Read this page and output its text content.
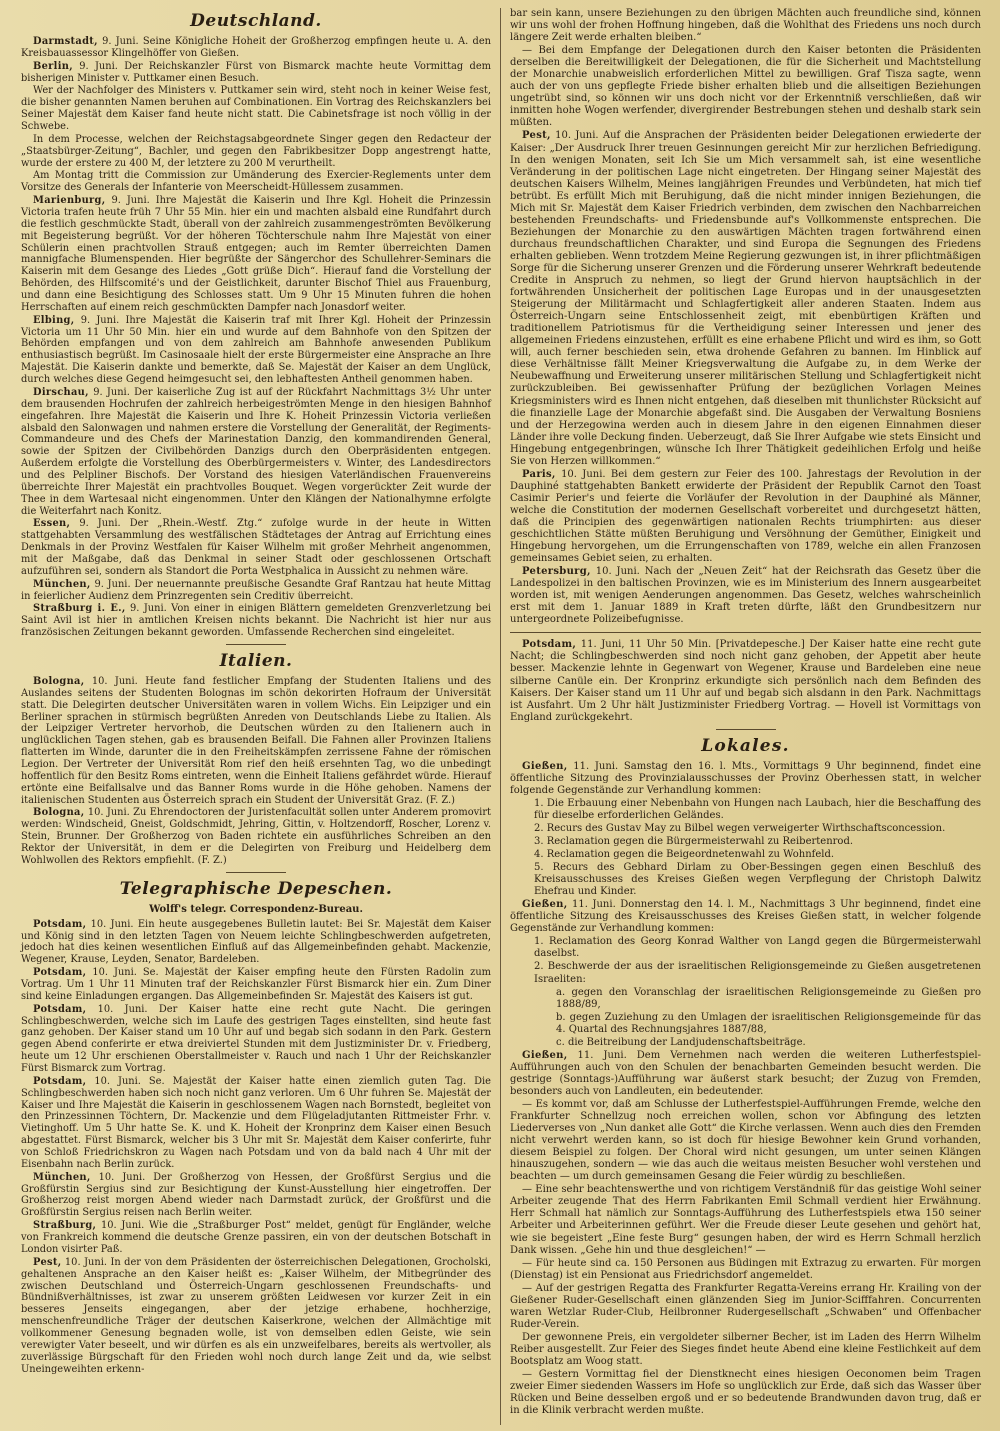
Deutschland.

Darmstadt, 9. Juni. Seine Königliche Hoheit der Großherzog empfingen heute u. A. den Kreisbauassessor Klingelhöffer von Gießen.

Berlin, 9. Juni. Der Reichskanzler Fürst von Bismarck machte heute Vormittag dem bisherigen Minister v. Puttkamer einen Besuch.

Wer der Nachfolger des Ministers v. Puttkamer sein wird, steht noch in keiner Weise fest, die bisher genannten Namen beruhen auf Combinationen. Ein Vortrag des Reichskanzlers bei Seiner Majestät dem Kaiser fand heute nicht statt. Die Cabinetsfrage ist noch völlig in der Schwebe.

In dem Processe, welchen der Reichstagsabgeordnete Singer gegen den Redacteur der „Staatsbürger-Zeitung“, Bachler, und gegen den Fabrikbesitzer Dopp angestrengt hatte, wurde der erstere zu 400 M, der letztere zu 200 M verurtheilt.

Am Montag tritt die Commission zur Umänderung des Exercier-Reglements unter dem Vorsitze des Generals der Infanterie von Meerscheidt-Hüllessem zusammen.

Marienburg, 9. Juni. Ihre Majestät die Kaiserin und Ihre Kgl. Hoheit die Prinzessin Victoria trafen heute früh 7 Uhr 55 Min. hier ein und machten alsbald eine Rundfahrt durch die festlich geschmückte Stadt, überall von der zahlreich zusammengeströmten Bevölkerung mit Begeisterung begrüßt. Vor der höheren Töchterschule nahm Ihre Majestät von einer Schülerin einen prachtvollen Strauß entgegen; auch im Remter überreichten Damen mannigfache Blumenspenden. Hier begrüßte der Sängerchor des Schullehrer-Seminars die Kaiserin mit dem Gesange des Liedes „Gott grüße Dich“. Hierauf fand die Vorstellung der Behörden, des Hilfscomité's und der Geistlichkeit, darunter Bischof Thiel aus Frauenburg, und dann eine Besichtigung des Schlosses statt. Um 9 Uhr 15 Minuten fuhren die hohen Herrschaften auf einem reich geschmückten Dampfer nach Jonasdorf weiter.

Elbing, 9. Juni. Ihre Majestät die Kaiserin traf mit Ihrer Kgl. Hoheit der Prinzessin Victoria um 11 Uhr 50 Min. hier ein und wurde auf dem Bahnhofe von den Spitzen der Behörden empfangen und von dem zahlreich am Bahnhofe anwesenden Publikum enthusiastisch begrüßt. Im Casinosaale hielt der erste Bürgermeister eine Ansprache an Ihre Majestät. Die Kaiserin dankte und bemerkte, daß Se. Majestät der Kaiser an dem Unglück, durch welches diese Gegend heimgesucht sei, den lebhaftesten Antheil genommen haben.

Dirschau, 9. Juni. Der kaiserliche Zug ist auf der Rückfahrt Nachmittags 3½ Uhr unter dem brausenden Hochrufen der zahlreich herbeigeströmten Menge in den hiesigen Bahnhof eingefahren. Ihre Majestät die Kaiserin und Ihre K. Hoheit Prinzessin Victoria verließen alsbald den Salonwagen und nahmen erstere die Vorstellung der Generalität, der Regiments-Commandeure und des Chefs der Marinestation Danzig, den kommandirenden General, sowie der Spitzen der Civilbehörden Danzigs durch den Oberpräsidenten entgegen. Außerdem erfolgte die Vorstellung des Oberbürgermeisters v. Winter, des Landesdirectors und des Pelpliner Bischofs. Der Vorstand des hiesigen Vaterländischen Frauenvereins überreichte Ihrer Majestät ein prachtvolles Bouquet. Wegen vorgerückter Zeit wurde der Thee in dem Wartesaal nicht eingenommen. Unter den Klängen der Nationalhymne erfolgte die Weiterfahrt nach Konitz.

Essen, 9. Juni. Der „Rhein.-Westf. Ztg.“ zufolge wurde in der heute in Witten stattgehabten Versammlung des westfälischen Städtetages der Antrag auf Errichtung eines Denkmals in der Provinz Westfalen für Kaiser Wilhelm mit großer Mehrheit angenommen, mit der Maßgabe, daß das Denkmal in seiner Stadt oder geschlossenen Ortschaft aufzuführen sei, sondern als Standort die Porta Westphalica in Aussicht zu nehmen wäre.

München, 9. Juni. Der neuernannte preußische Gesandte Graf Rantzau hat heute Mittag in feierlicher Audienz dem Prinzregenten sein Creditiv überreicht.

Straßburg i. E., 9. Juni. Von einer in einigen Blättern gemeldeten Grenzverletzung bei Saint Avil ist hier in amtlichen Kreisen nichts bekannt. Die Nachricht ist hier nur aus französischen Zeitungen bekannt geworden. Umfassende Recherchen sind eingeleitet.

Italien.

Bologna, 10. Juni. Heute fand festlicher Empfang der Studenten Italiens und des Auslandes seitens der Studenten Bolognas im schön dekorirten Hofraum der Universität statt. Die Delegirten deutscher Universitäten waren in vollem Wichs. Ein Leipziger und ein Berliner sprachen in stürmisch begrüßten Anreden von Deutschlands Liebe zu Italien. Als der Leipziger Vertreter hervorhob, die Deutschen würden zu den Italienern auch in unglücklichen Tagen stehen, gab es brausenden Beifall. Die Fahnen aller Provinzen Italiens flatterten im Winde, darunter die in den Freiheitskämpfen zerrissene Fahne der römischen Legion. Der Vertreter der Universität Rom rief den heiß ersehnten Tag, wo die unbedingt hoffentlich für den Besitz Roms eintreten, wenn die Einheit Italiens gefährdet würde. Hierauf ertönte eine Beifallsalve und das Banner Roms wurde in die Höhe gehoben. Namens der italienischen Studenten aus Österreich sprach ein Student der Universität Graz. (F. Z.)

Bologna, 10. Juni. Zu Ehrendoctoren der Juristenfacultät sollen unter Anderem promovirt werden: Windscheid, Gneist, Goldschmidt, Jehring, Gittin, v. Holtzendorff, Roscher, Lorenz v. Stein, Brunner. Der Großherzog von Baden richtete ein ausführliches Schreiben an den Rektor der Universität, in dem er die Delegirten von Freiburg und Heidelberg dem Wohlwollen des Rektors empfiehlt. (F. Z.)

Telegraphische Depeschen.
Wolff's telegr. Correspondenz-Bureau.

Potsdam, 10. Juni. Ein heute ausgegebenes Bulletin lautet: Bei Sr. Majestät dem Kaiser und König sind in den letzten Tagen von Neuem leichte Schlingbeschwerden aufgetreten, jedoch hat dies keinen wesentlichen Einfluß auf das Allgemeinbefinden gehabt. Mackenzie, Wegener, Krause, Leyden, Senator, Bardeleben.

Potsdam, 10. Juni. Se. Majestät der Kaiser empfing heute den Fürsten Radolin zum Vortrag. Um 1 Uhr 11 Minuten traf der Reichskanzler Fürst Bismarck hier ein. Zum Diner sind keine Einladungen ergangen. Das Allgemeinbefinden Sr. Majestät des Kaisers ist gut.

Potsdam, 10. Juni. Der Kaiser hatte eine recht gute Nacht. Die geringen Schlingbeschwerden, welche sich im Laufe des gestrigen Tages einstellten, sind heute fast ganz gehoben. Der Kaiser stand um 10 Uhr auf und begab sich sodann in den Park. Gestern gegen Abend conferirte er etwa dreiviertel Stunden mit dem Justizminister Dr. v. Friedberg, heute um 12 Uhr erschienen Oberstallmeister v. Rauch und nach 1 Uhr der Reichskanzler Fürst Bismarck zum Vortrag.

Potsdam, 10. Juni. Se. Majestät der Kaiser hatte einen ziemlich guten Tag. Die Schlingbeschwerden haben sich noch nicht ganz verloren. Um 6 Uhr fuhren Se. Majestät der Kaiser und Ihre Majestät die Kaiserin in geschlossenem Wagen nach Bornstedt, begleitet von den Prinzessinnen Töchtern, Dr. Mackenzie und dem Flügeladjutanten Rittmeister Frhr. v. Vietinghoff. Um 5 Uhr hatte Se. K. und K. Hoheit der Kronprinz dem Kaiser einen Besuch abgestattet. Fürst Bismarck, welcher bis 3 Uhr mit Sr. Majestät dem Kaiser conferirte, fuhr von Schloß Friedrichskron zu Wagen nach Potsdam und von da bald nach 4 Uhr mit der Eisenbahn nach Berlin zurück.

München, 10. Juni. Der Großherzog von Hessen, der Großfürst Sergius und die Großfürstin Sergius sind zur Besichtigung der Kunst-Ausstellung hier eingetroffen. Der Großherzog reist morgen Abend wieder nach Darmstadt zurück, der Großfürst und die Großfürstin Sergius reisen nach Berlin weiter.

Straßburg, 10. Juni. Wie die „Straßburger Post“ meldet, genügt für Engländer, welche von Frankreich kommend die deutsche Grenze passiren, ein von der deutschen Botschaft in London visirter Paß.

Pest, 10. Juni. In der von dem Präsidenten der österreichischen Delegationen, Grocholski, gehaltenen Ansprache an den Kaiser heißt es: „Kaiser Wilhelm, der Mitbegründer des zwischen Deutschland und Österreich-Ungarn geschlossenen Freundschafts- und Bündnißverhältnisses, ist zwar zu unserem größten Leidwesen vor kurzer Zeit in ein besseres Jenseits eingegangen, aber der jetzige erhabene, hochherzige, menschenfreundliche Träger der deutschen Kaiserkrone, welchen der Allmächtige mit vollkommener Genesung begnaden wolle, ist von demselben edlen Geiste, wie sein verewigter Vater beseelt, und wir dürfen es als ein unzweifelbares, bereits als wertvoller, als zuverlässige Bürgschaft für den Frieden wohl noch durch lange Zeit und da, wie selbst Uneingeweihten erkenn-

bar sein kann, unsere Beziehungen zu den übrigen Mächten auch freundliche sind, können wir uns wohl der frohen Hoffnung hingeben, daß die Wohlthat des Friedens uns noch durch längere Zeit werde erhalten bleiben.“

— Bei dem Empfange der Delegationen durch den Kaiser betonten die Präsidenten derselben die Bereitwilligkeit der Delegationen, die für die Sicherheit und Machtstellung der Monarchie unabweislich erforderlichen Mittel zu bewilligen. Graf Tisza sagte, wenn auch der von uns gepflegte Friede bisher erhalten blieb und die allseitigen Beziehungen ungetrübt sind, so können wir uns doch nicht vor der Erkenntniß verschließen, daß wir inmitten hohe Wogen werfender, divergirender Bestrebungen stehen und deshalb stark sein müßten.

Pest, 10. Juni. Auf die Ansprachen der Präsidenten beider Delegationen erwiederte der Kaiser: „Der Ausdruck Ihrer treuen Gesinnungen gereicht Mir zur herzlichen Befriedigung. In den wenigen Monaten, seit Ich Sie um Mich versammelt sah, ist eine wesentliche Veränderung in der politischen Lage nicht eingetreten. Der Hingang seiner Majestät des deutschen Kaisers Wilhelm, Meines langjährigen Freundes und Verbündeten, hat mich tief betrübt. Es erfüllt Mich mit Beruhigung, daß die nicht minder innigen Beziehungen, die Mich mit Sr. Majestät dem Kaiser Friedrich verbinden, dem zwischen den Nachbarreichen bestehenden Freundschafts- und Friedensbunde auf's Vollkommenste entsprechen. Die Beziehungen der Monarchie zu den auswärtigen Mächten tragen fortwährend einen durchaus freundschaftlichen Charakter, und sind Europa die Segnungen des Friedens erhalten geblieben. Wenn trotzdem Meine Regierung gezwungen ist, in ihrer pflichtmäßigen Sorge für die Sicherung unserer Grenzen und die Förderung unserer Wehrkraft bedeutende Credite in Anspruch zu nehmen, so liegt der Grund hiervon hauptsächlich in der fortwährenden Unsicherheit der politischen Lage Europas und in der unausgesetzten Steigerung der Militärmacht und Schlagfertigkeit aller anderen Staaten. Indem aus Österreich-Ungarn seine Entschlossenheit zeigt, mit ebenbürtigen Kräften und traditionellem Patriotismus für die Vertheidigung seiner Interessen und jener des allgemeinen Friedens einzustehen, erfüllt es eine erhabene Pflicht und wird es ihm, so Gott will, auch ferner beschieden sein, etwa drohende Gefahren zu bannen. Im Hinblick auf diese Verhältnisse fällt Meiner Kriegsverwaltung die Aufgabe zu, in dem Werke der Neubewaffnung und Erweiterung unserer militärischen Stellung und Schlagfertigkeit nicht zurückzubleiben. Bei gewissenhafter Prüfung der bezüglichen Vorlagen Meines Kriegsministers wird es Ihnen nicht entgehen, daß dieselben mit thunlichster Rücksicht auf die finanzielle Lage der Monarchie abgefaßt sind. Die Ausgaben der Verwaltung Bosniens und der Herzegowina werden auch in diesem Jahre in den eigenen Einnahmen dieser Länder ihre volle Deckung finden. Ueberzeugt, daß Sie Ihrer Aufgabe wie stets Einsicht und Hingebung entgegenbringen, wünsche Ich Ihrer Thätigkeit gedeihlichen Erfolg und heiße Sie von Herzen willkommen.“

Paris, 10. Juni. Bei dem gestern zur Feier des 100. Jahrestags der Revolution in der Dauphiné stattgehabten Bankett erwiderte der Präsident der Republik Carnot den Toast Casimir Perier's und feierte die Vorläufer der Revolution in der Dauphiné als Männer, welche die Constitution der modernen Gesellschaft vorbereitet und durchgesetzt hätten, daß die Principien des gegenwärtigen nationalen Rechts triumphirten: aus dieser geschichtlichen Stätte müßten Beruhigung und Versöhnung der Gemüther, Einigkeit und Hingebung hervorgehen, um die Errungenschaften von 1789, welche ein allen Franzosen gemeinsames Gebiet seien, zu erhalten.

Petersburg, 10. Juni. Nach der „Neuen Zeit“ hat der Reichsrath das Gesetz über die Landespolizei in den baltischen Provinzen, wie es im Ministerium des Innern ausgearbeitet worden ist, mit wenigen Aenderungen angenommen. Das Gesetz, welches wahrscheinlich erst mit dem 1. Januar 1889 in Kraft treten dürfte, läßt den Grundbesitzern nur untergeordnete Polizeibefugnisse.

Potsdam, 11. Juni, 11 Uhr 50 Min. [Privatdepesche.] Der Kaiser hatte eine recht gute Nacht; die Schlingbeschwerden sind noch nicht ganz gehoben, der Appetit aber heute besser. Mackenzie lehnte in Gegenwart von Wegener, Krause und Bardeleben eine neue silberne Canüle ein. Der Kronprinz erkundigte sich persönlich nach dem Befinden des Kaisers. Der Kaiser stand um 11 Uhr auf und begab sich alsdann in den Park. Nachmittags ist Ausfahrt. Um 2 Uhr hält Justizminister Friedberg Vortrag. — Hovell ist Vormittags von England zurückgekehrt.

Lokales.

Gießen, 11. Juni. Samstag den 16. l. Mts., Vormittags 9 Uhr beginnend, findet eine öffentliche Sitzung des Provinzialausschusses der Provinz Oberhessen statt, in welcher folgende Gegenstände zur Verhandlung kommen:

1. Die Erbauung einer Nebenbahn von Hungen nach Laubach, hier die Beschaffung des für dieselbe erforderlichen Geländes.

2. Recurs des Gustav May zu Bilbel wegen verweigerter Wirthschaftsconcession.

3. Reclamation gegen die Bürgermeisterwahl zu Reibertenrod.

4. Reclamation gegen die Beigeordnetenwahl zu Wohnfeld.

5. Recurs des Gebhard Dirlam zu Ober-Bessingen gegen einen Beschluß des Kreisausschusses des Kreises Gießen wegen Verpflegung der Christoph Dalwitz Ehefrau und Kinder.

Gießen, 11. Juni. Donnerstag den 14. l. M., Nachmittags 3 Uhr beginnend, findet eine öffentliche Sitzung des Kreisausschusses des Kreises Gießen statt, in welcher folgende Gegenstände zur Verhandlung kommen:

1. Reclamation des Georg Konrad Walther von Langd gegen die Bürgermeisterwahl daselbst.

2. Beschwerde der aus der israelitischen Religionsgemeinde zu Gießen ausgetretenen Israeliten:

a. gegen den Voranschlag der israelitischen Religionsgemeinde zu Gießen pro 1888/89,

b. gegen Zuziehung zu den Umlagen der israelitischen Religionsgemeinde für das 4. Quartal des Rechnungsjahres 1887/88,

c. die Beitreibung der Landjudenschaftsbeiträge.

Gießen, 11. Juni. Dem Vernehmen nach werden die weiteren Lutherfestspiel-Aufführungen auch von den Schulen der benachbarten Gemeinden besucht werden. Die gestrige (Sonntags-)Aufführung war äußerst stark besucht; der Zuzug von Fremden, besonders auch von Landleuten, ein bedeutender.

— Es kommt vor, daß am Schlusse der Lutherfestspiel-Aufführungen Fremde, welche den Frankfurter Schnellzug noch erreichen wollen, schon vor Abfingung des letzten Liederverses von „Nun danket alle Gott“ die Kirche verlassen. Wenn auch dies den Fremden nicht verwehrt werden kann, so ist doch für hiesige Bewohner kein Grund vorhanden, diesem Beispiel zu folgen. Der Choral wird nicht gesungen, um unter seinen Klängen hinauszugehen, sondern — wie das auch die weitaus meisten Besucher wohl verstehen und beachten — um durch gemeinsamen Gesang die Feier würdig zu beschließen.

— Eine sehr beachtenswerthe und von richtigem Verständniß für das geistige Wohl seiner Arbeiter zeugende That des Herrn Fabrikanten Emil Schmall verdient hier Erwähnung. Herr Schmall hat nämlich zur Sonntags-Aufführung des Lutherfestspiels etwa 150 seiner Arbeiter und Arbeiterinnen geführt. Wer die Freude dieser Leute gesehen und gehört hat, wie sie begeistert „Eine feste Burg“ gesungen haben, der wird es Herrn Schmall herzlich Dank wissen. „Gehe hin und thue desgleichen!“ —

— Für heute sind ca. 150 Personen aus Büdingen mit Extrazug zu erwarten. Für morgen (Dienstag) ist ein Pensionat aus Friedrichsdorf angemeldet.

— Auf der gestrigen Regatta des Frankfurter Regatta-Vereins errang Hr. Krailing von der Gießener Ruder-Gesellschaft einen glänzenden Sieg im Junior-Scifffahren. Concurrenten waren Wetzlar Ruder-Club, Heilbronner Rudergesellschaft „Schwaben“ und Offenbacher Ruder-Verein.

Der gewonnene Preis, ein vergoldeter silberner Becher, ist im Laden des Herrn Wilhelm Reiber ausgestellt. Zur Feier des Sieges findet heute Abend eine kleine Festlichkeit auf dem Bootsplatz am Woog statt.

— Gestern Vormittag fiel der Dienstknecht eines hiesigen Oeconomen beim Tragen zweier Eimer siedenden Wassers im Hofe so unglücklich zur Erde, daß sich das Wasser über Rücken und Beine desselben ergoß und er so bedeutende Brandwunden davon trug, daß er in die Klinik verbracht werden mußte.
